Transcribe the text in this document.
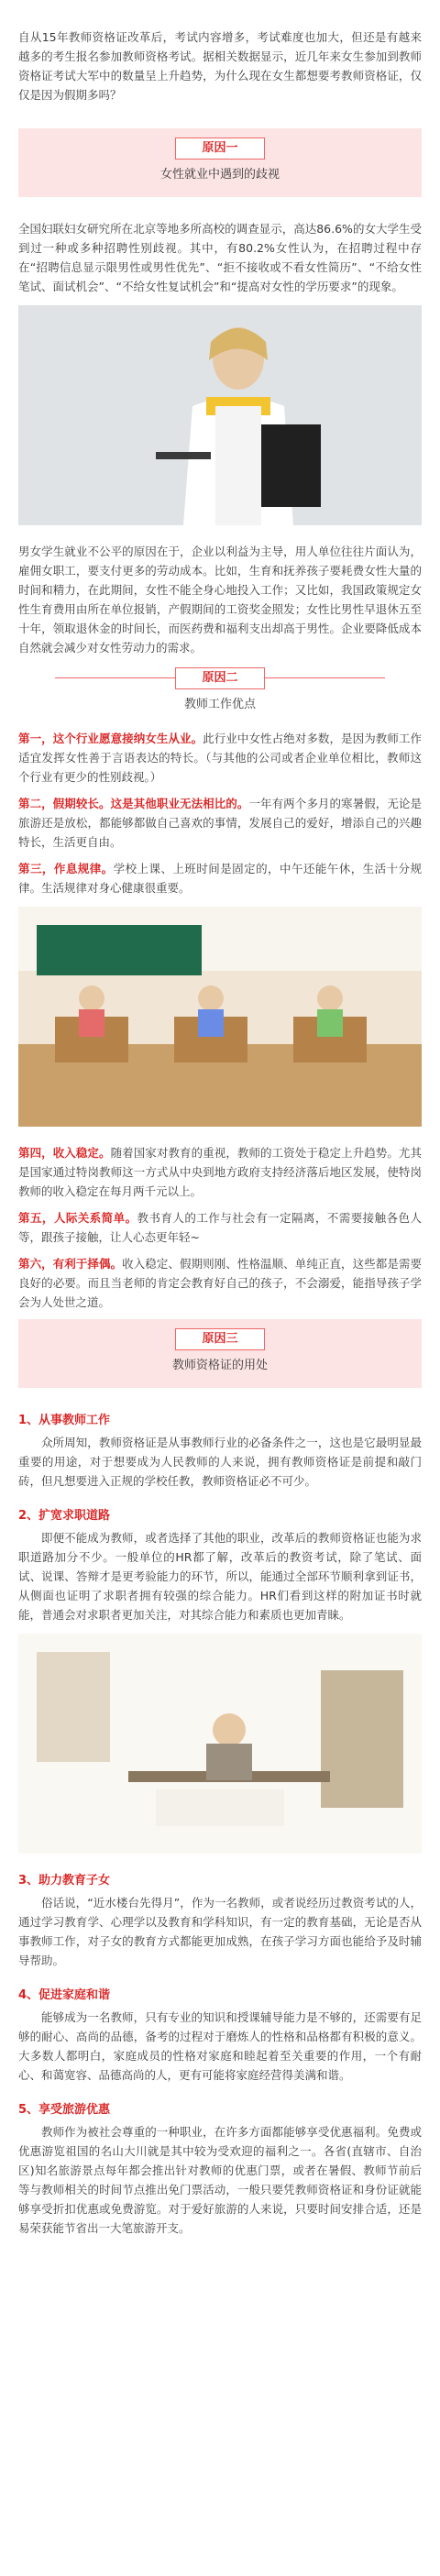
自从15年教师资格证改革后，考试内容增多，考试难度也加大，但还是有越来越多的考生报名参加教师资格考试。据相关数据显示，近几年来女生参加到教师资格证考试大军中的数量呈上升趋势，为什么现在女生都想要考教师资格证，仅仅是因为假期多吗？

原因一

女性就业中遇到的歧视

全国妇联妇女研究所在北京等地多所高校的调查显示，高达86.6%的女大学生受到过一种或多种招聘性别歧视。其中，有80.2%女性认为，在招聘过程中存在“招聘信息显示限男性或男性优先”、“拒不接收或不看女性简历”、“不给女性笔试、面试机会”、“不给女性复试机会”和“提高对女性的学历要求”的现象。

男女学生就业不公平的原因在于，企业以利益为主导，用人单位往往片面认为，雇佣女职工，要支付更多的劳动成本。比如，生育和抚养孩子要耗费女性大量的时间和精力，在此期间，女性不能全身心地投入工作；又比如，我国政策规定女性生育费用由所在单位报销，产假期间的工资奖金照发；女性比男性早退休五至十年，领取退休金的时间长，而医药费和福利支出却高于男性。企业要降低成本自然就会减少对女性劳动力的需求。

原因二

教师工作优点

第一，这个行业愿意接纳女生从业。此行业中女性占绝对多数，是因为教师工作适宜发挥女性善于言语表达的特长。（与其他的公司或者企业单位相比，教师这个行业有更少的性别歧视。）

第二，假期较长。这是其他职业无法相比的。一年有两个多月的寒暑假，无论是旅游还是放松，都能够都做自己喜欢的事情，发展自己的爱好，增添自己的兴趣特长，生活更自由。

第三，作息规律。学校上课、上班时间是固定的，中午还能午休，生活十分规律。生活规律对身心健康很重要。

第四，收入稳定。随着国家对教育的重视，教师的工资处于稳定上升趋势。尤其是国家通过特岗教师这一方式从中央到地方政府支持经济落后地区发展，使特岗教师的收入稳定在每月两千元以上。

第五，人际关系简单。教书育人的工作与社会有一定隔离，不需要接触各色人等，跟孩子接触，让人心态更年轻~

第六，有利于择偶。收入稳定、假期则刚、性格温顺、单纯正直，这些都是需要良好的必要。而且当老师的肯定会教育好自己的孩子，不会溺爱，能指导孩子学会为人处世之道。

原因三

教师资格证的用处

1、从事教师工作

众所周知，教师资格证是从事教师行业的必备条件之一，这也是它最明显最重要的用途，对于想要成为人民教师的人来说，拥有教师资格证是前提和敲门砖，但凡想要进入正规的学校任教，教师资格证必不可少。

2、扩宽求职道路

即便不能成为教师，或者选择了其他的职业，改革后的教师资格证也能为求职道路加分不少。一般单位的HR都了解，改革后的教资考试，除了笔试、面试、说课、答辩才是更考验能力的环节，所以，能通过全部环节顺利拿到证书，从侧面也证明了求职者拥有较强的综合能力。HR们看到这样的附加证书时就能，普通会对求职者更加关注，对其综合能力和素质也更加青睐。

3、助力教育子女

俗话说，“近水楼台先得月”，作为一名教师，或者说经历过教资考试的人，通过学习教育学、心理学以及教育和学科知识，有一定的教育基础，无论是否从事教师工作，对子女的教育方式都能更加成熟，在孩子学习方面也能给予及时辅导帮助。

4、促进家庭和谐

能够成为一名教师，只有专业的知识和授课辅导能力是不够的，还需要有足够的耐心、高尚的品德，备考的过程对于磨炼人的性格和品格都有积极的意义。大多数人都明白，家庭成员的性格对家庭和睦起着至关重要的作用，一个有耐心、和蔼宽容、品德高尚的人，更有可能将家庭经营得美满和谐。

5、享受旅游优惠

教师作为被社会尊重的一种职业，在许多方面都能够享受优惠福利。免费或优惠游览祖国的名山大川就是其中较为受欢迎的福利之一。各省(直辖市、自治区)知名旅游景点每年都会推出针对教师的优惠门票，或者在暑假、教师节前后等与教师相关的时间节点推出免门票活动，一般只要凭教师资格证和身份证就能够享受折扣优惠或免费游览。对于爱好旅游的人来说，只要时间安排合适，还是易荣获能节省出一大笔旅游开支。
